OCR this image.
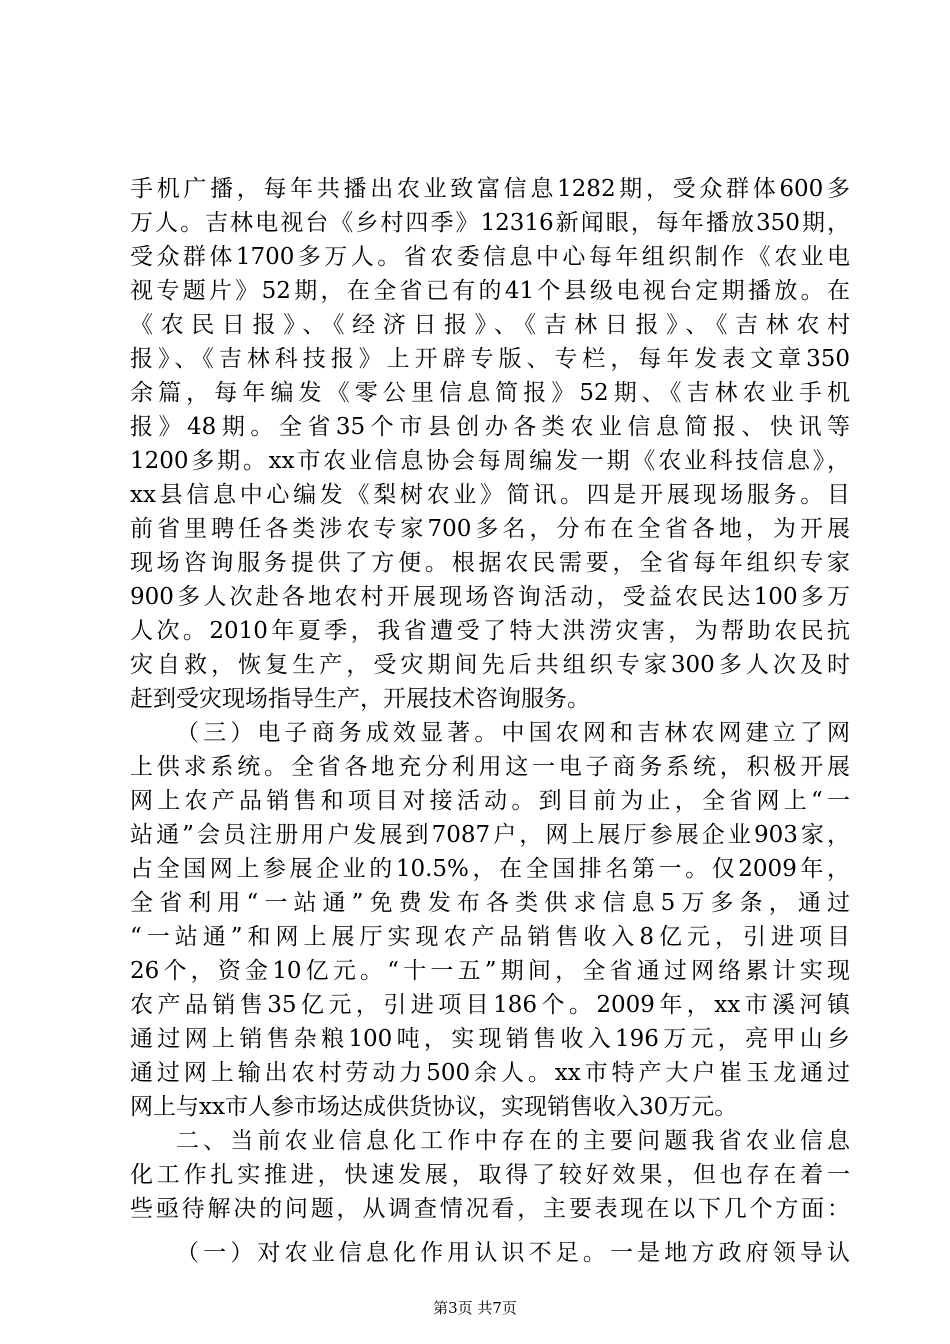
手机广播，每年共播出农业致富信息1282期，受众群体600多
万人。吉林电视台《乡村四季》12316新闻眼，每年播放350期，
受众群体1700多万人。省农委信息中心每年组织制作《农业电
视专题片》52期，在全省已有的41个县级电视台定期播放。在
《农民日报》、《经济日报》、《吉林日报》、《吉林农村
报》、《吉林科技报》上开辟专版、专栏，每年发表文章350
余篇，每年编发《零公里信息简报》52期、《吉林农业手机
报》48期。全省35个市县创办各类农业信息简报、快讯等
1200多期。xx市农业信息协会每周编发一期《农业科技信息》，
xx县信息中心编发《梨树农业》简讯。四是开展现场服务。目
前省里聘任各类涉农专家700多名，分布在全省各地，为开展
现场咨询服务提供了方便。根据农民需要，全省每年组织专家
900多人次赴各地农村开展现场咨询活动，受益农民达100多万
人次。2010年夏季，我省遭受了特大洪涝灾害，为帮助农民抗
灾自救，恢复生产，受灾期间先后共组织专家300多人次及时
赶到受灾现场指导生产，开展技术咨询服务。
（三）电子商务成效显著。中国农网和吉林农网建立了网
上供求系统。全省各地充分利用这一电子商务系统，积极开展
网上农产品销售和项目对接活动。到目前为止，全省网上“一
站通”会员注册用户发展到7087户，网上展厅参展企业903家，
占全国网上参展企业的10.5%，在全国排名第一。仅2009年，
全省利用“一站通”免费发布各类供求信息5万多条，通过
“一站通”和网上展厅实现农产品销售收入8亿元，引进项目
26个，资金10亿元。“十一五”期间，全省通过网络累计实现
农产品销售35亿元，引进项目186个。2009年，xx市溪河镇
通过网上销售杂粮100吨，实现销售收入196万元，亮甲山乡
通过网上输出农村劳动力500余人。xx市特产大户崔玉龙通过
网上与xx市人参市场达成供货协议，实现销售收入30万元。
二、当前农业信息化工作中存在的主要问题我省农业信息
化工作扎实推进，快速发展，取得了较好效果，但也存在着一
些亟待解决的问题，从调查情况看，主要表现在以下几个方面：
（一）对农业信息化作用认识不足。一是地方政府领导认
第3页 共7页
